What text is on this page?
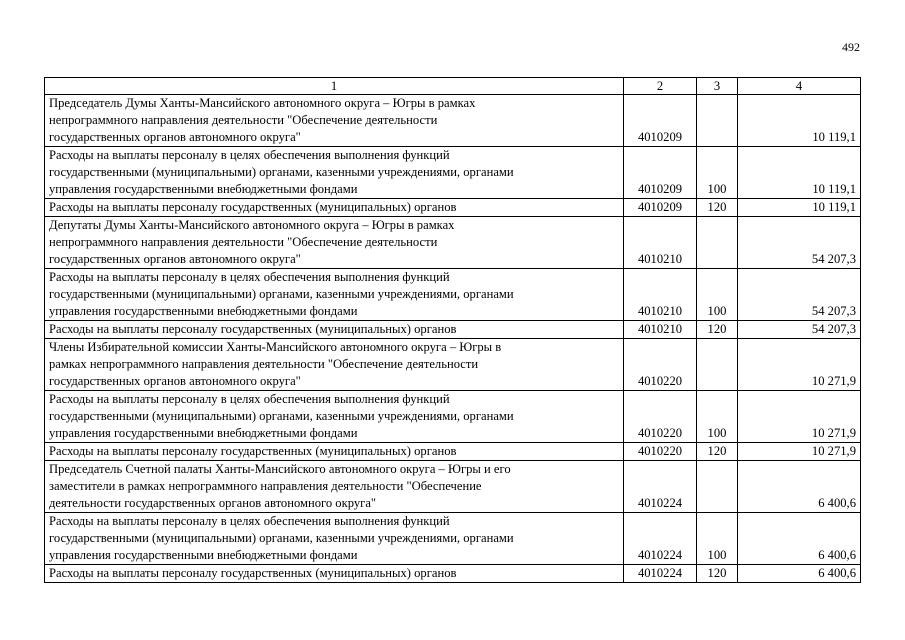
492
1	2	3	4

Председатель Думы Ханты-Мансийского автономного округа – Югры в рамках
непрограммного направления деятельности "Обеспечение деятельности
государственных органов автономного округа"	4010209		10 119,1

Расходы на выплаты персоналу в целях обеспечения выполнения функций
государственными (муниципальными) органами, казенными учреждениями, органами
управления государственными внебюджетными фондами	4010209	100	10 119,1

Расходы на выплаты персоналу государственных (муниципальных) органов	4010209	120	10 119,1

Депутаты Думы Ханты-Мансийского автономного округа – Югры в рамках
непрограммного направления деятельности "Обеспечение деятельности
государственных органов автономного округа"	4010210		54 207,3

Расходы на выплаты персоналу в целях обеспечения выполнения функций
государственными (муниципальными) органами, казенными учреждениями, органами
управления государственными внебюджетными фондами	4010210	100	54 207,3

Расходы на выплаты персоналу государственных (муниципальных) органов	4010210	120	54 207,3

Члены Избирательной комиссии Ханты-Мансийского автономного округа – Югры в
рамках непрограммного направления деятельности "Обеспечение деятельности
государственных органов автономного округа"	4010220		10 271,9

Расходы на выплаты персоналу в целях обеспечения выполнения функций
государственными (муниципальными) органами, казенными учреждениями, органами
управления государственными внебюджетными фондами	4010220	100	10 271,9

Расходы на выплаты персоналу государственных (муниципальных) органов	4010220	120	10 271,9

Председатель Счетной палаты Ханты-Мансийского автономного округа – Югры и его
заместители в рамках непрограммного направления деятельности "Обеспечение
деятельности государственных органов автономного округа"	4010224		6 400,6

Расходы на выплаты персоналу в целях обеспечения выполнения функций
государственными (муниципальными) органами, казенными учреждениями, органами
управления государственными внебюджетными фондами	4010224	100	6 400,6

Расходы на выплаты персоналу государственных (муниципальных) органов	4010224	120	6 400,6
